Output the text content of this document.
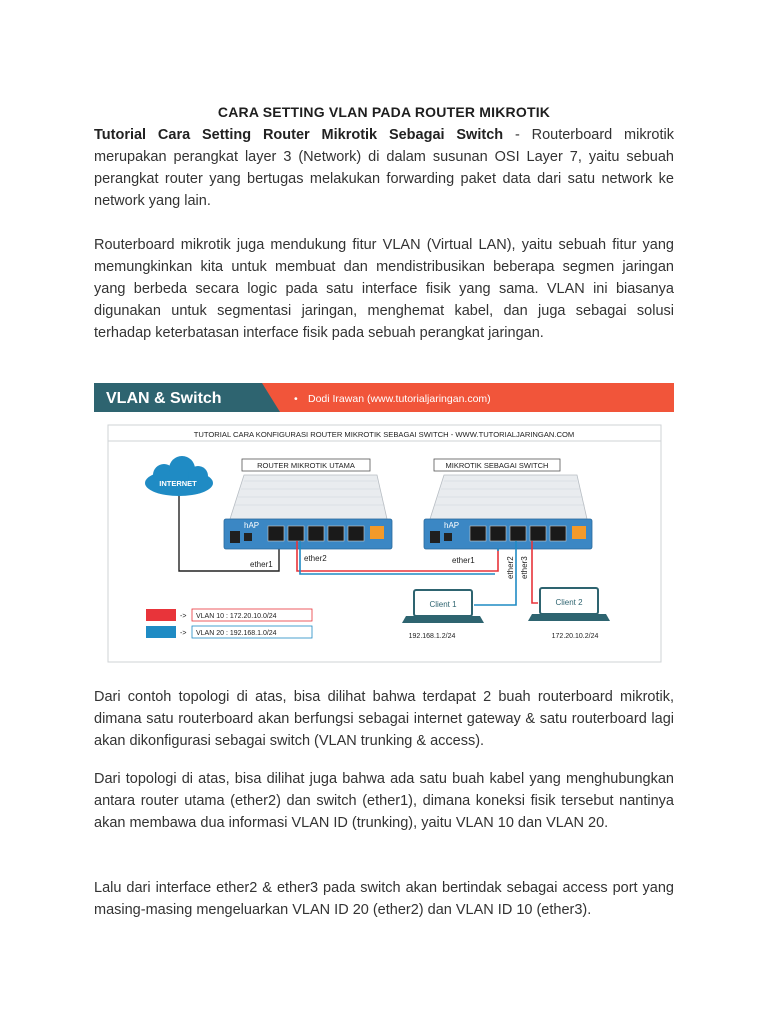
CARA SETTING VLAN PADA ROUTER MIKROTIK

Tutorial Cara Setting Router Mikrotik Sebagai Switch - Routerboard mikrotik merupakan perangkat layer 3 (Network) di dalam susunan OSI Layer 7, yaitu sebuah perangkat router yang bertugas melakukan forwarding paket data dari satu network ke network yang lain.

Routerboard mikrotik juga mendukung fitur VLAN (Virtual LAN), yaitu sebuah fitur yang memungkinkan kita untuk membuat dan mendistribusikan beberapa segmen jaringan yang berbeda secara logic pada satu interface fisik yang sama. VLAN ini biasanya digunakan untuk segmentasi jaringan, menghemat kabel, dan juga sebagai solusi terhadap keterbatasan interface fisik pada sebuah perangkat jaringan.

VLAN & Switch	• Dodi Irawan (www.tutorialjaringan.com)
TUTORIAL CARA KONFIGURASI ROUTER MIKROTIK SEBAGAI SWITCH - WWW.TUTORIALJARINGAN.COM
INTERNET
ROUTER MIKROTIK UTAMA
hAP
ether1
ether2
MIKROTIK SEBAGAI SWITCH
hAP
ether1	ether2 ether3
Client 1
192.168.1.2/24
Client 2
172.20.10.2/24
-> VLAN 10 : 172.20.10.0/24
-> VLAN 20 : 192.168.1.0/24

Dari contoh topologi di atas, bisa dilihat bahwa terdapat 2 buah routerboard mikrotik, dimana satu routerboard akan berfungsi sebagai internet gateway & satu routerboard lagi akan dikonfigurasi sebagai switch (VLAN trunking & access).

Dari topologi di atas, bisa dilihat juga bahwa ada satu buah kabel yang menghubungkan antara router utama (ether2) dan switch (ether1), dimana koneksi fisik tersebut nantinya akan membawa dua informasi VLAN ID (trunking), yaitu VLAN 10 dan VLAN 20.

Lalu dari interface ether2 & ether3 pada switch akan bertindak sebagai access port yang masing-masing mengeluarkan VLAN ID 20 (ether2) dan VLAN ID 10 (ether3).
